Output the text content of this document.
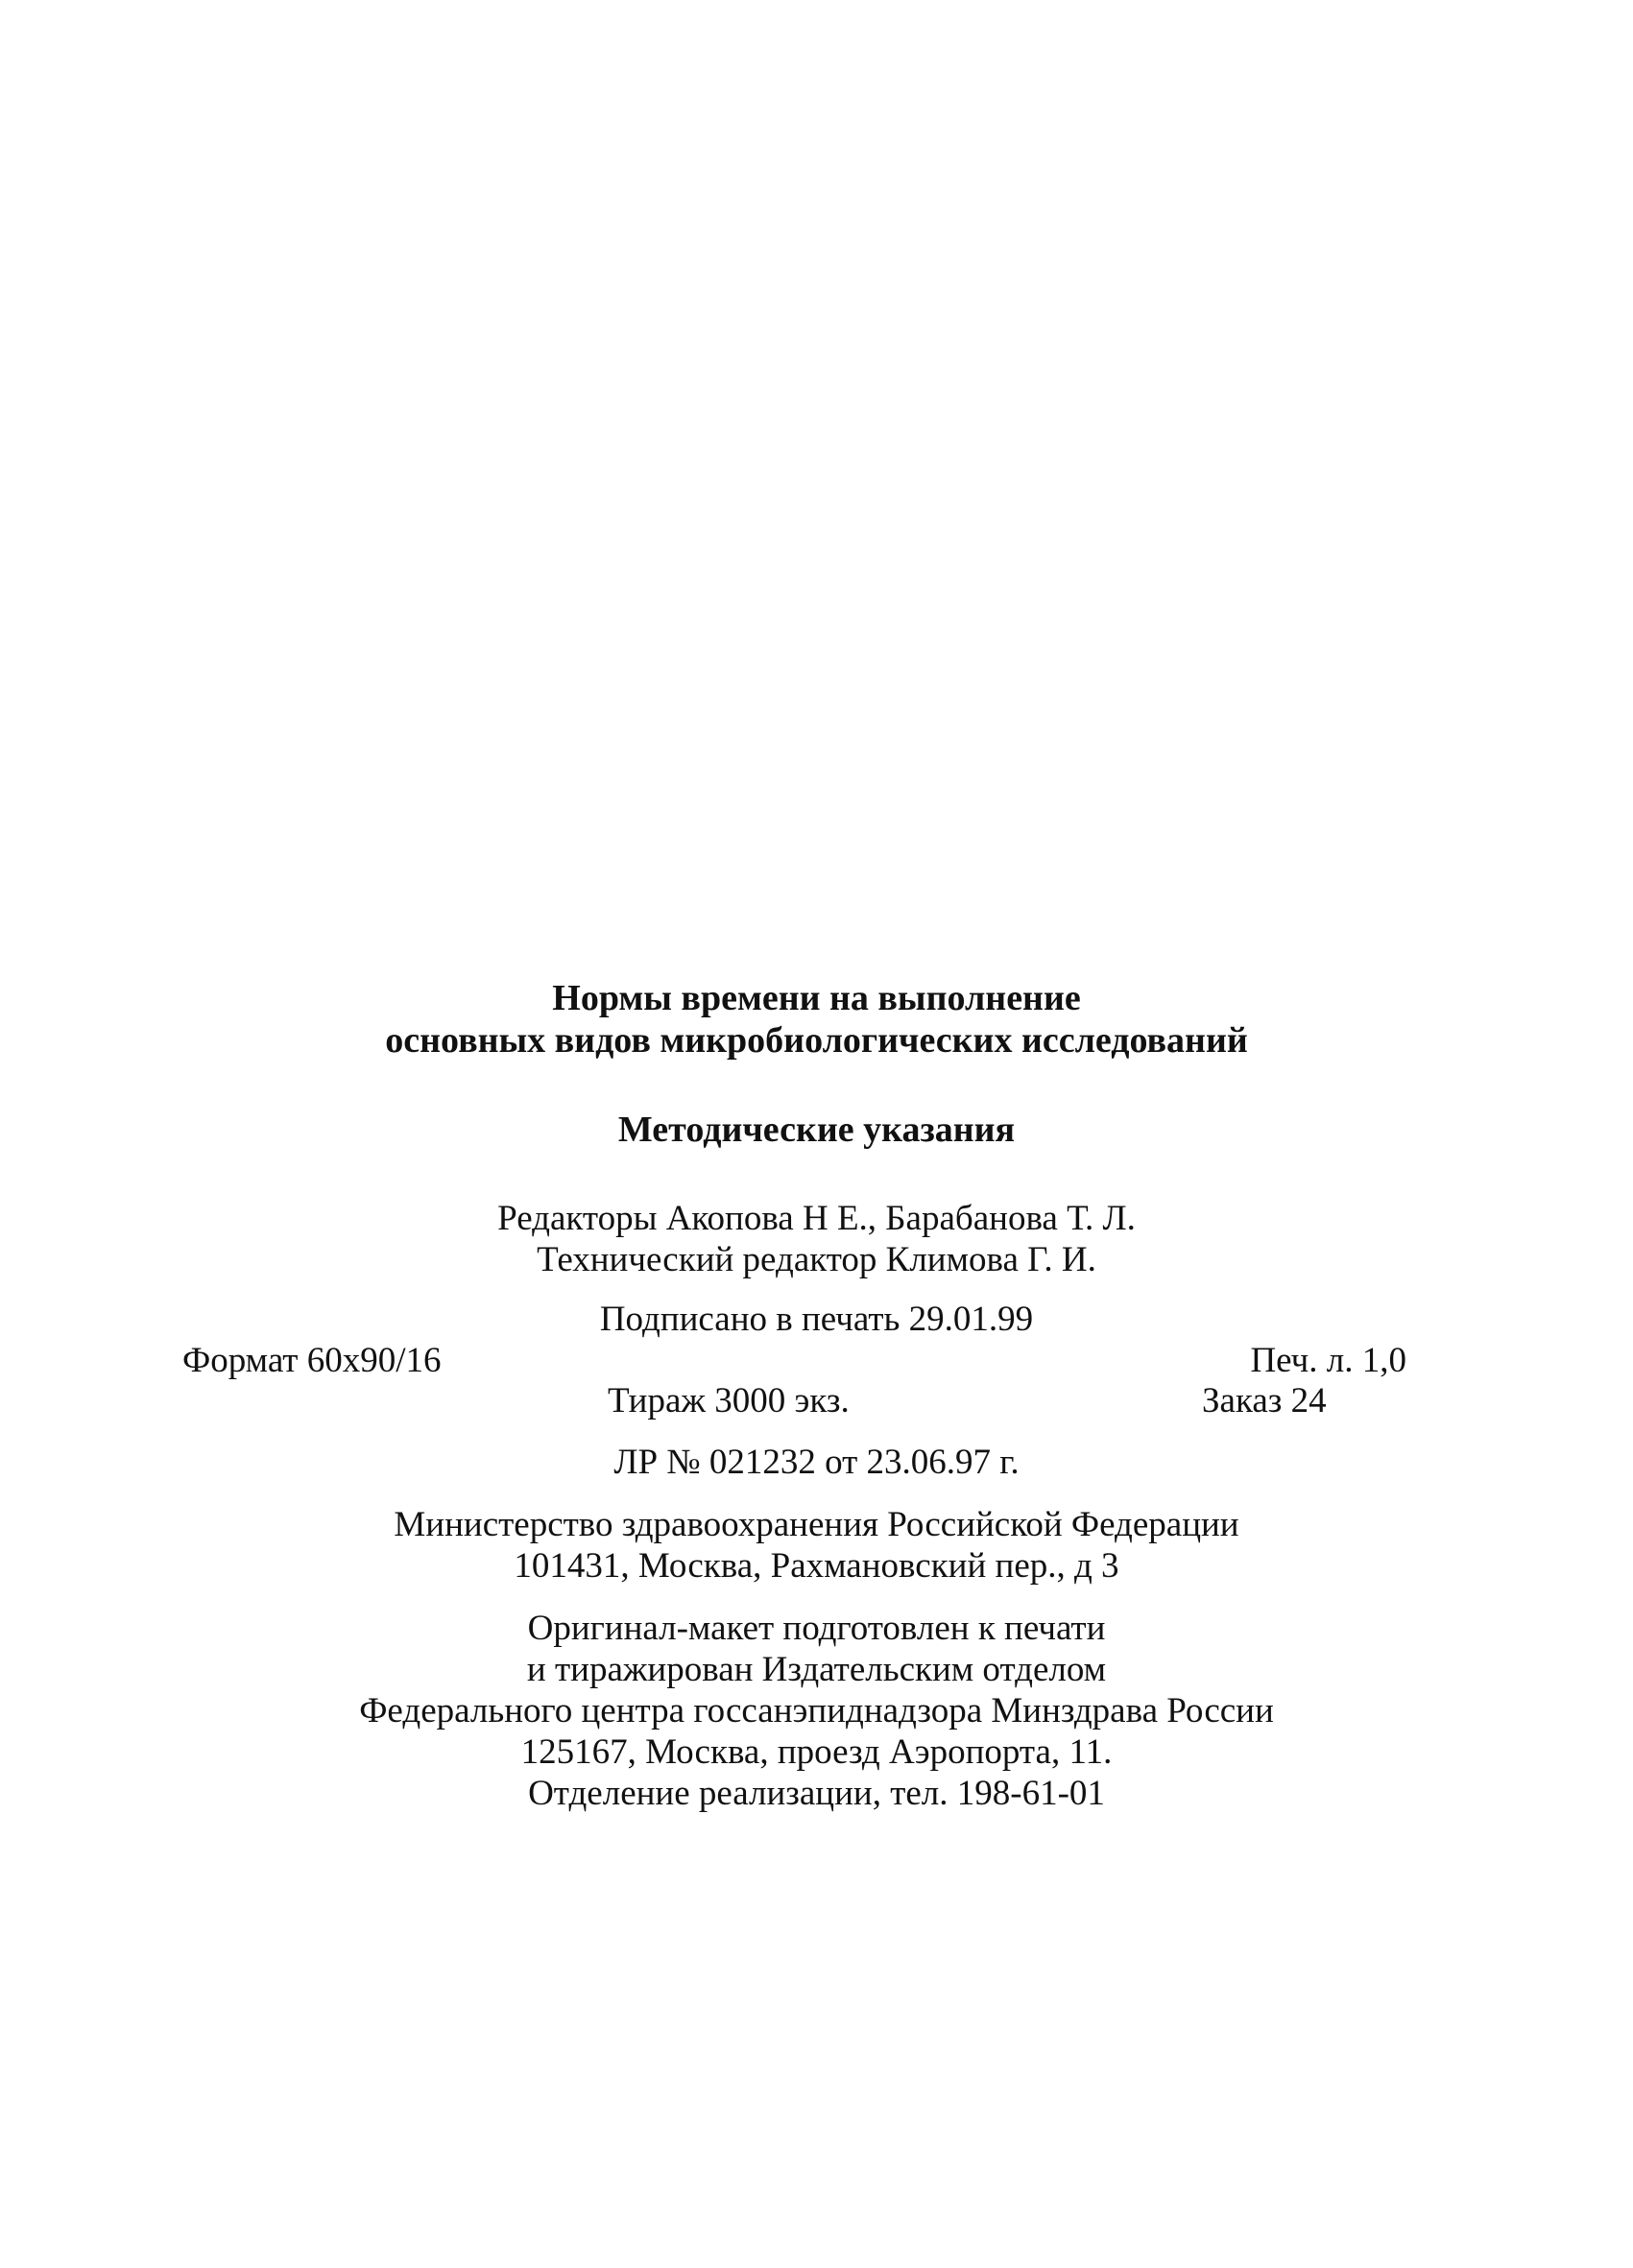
Нормы времени на выполнение
основных видов микробиологических исследований
Методические указания
Редакторы Акопова Н Е., Барабанова Т. Л.
Технический редактор Климова Г. И.
Подписано в печать 29.01.99
Формат 60x90/16	Печ. л. 1,0
Тираж 3000 экз.	Заказ 24
ЛР № 021232 от 23.06.97 г.
Министерство здравоохранения Российской Федерации
101431, Москва, Рахмановский пер., д 3
Оригинал-макет подготовлен к печати
и тиражирован Издательским отделом
Федерального центра госсанэпиднадзора Минздрава России
125167, Москва, проезд Аэропорта, 11.
Отделение реализации, тел. 198-61-01
